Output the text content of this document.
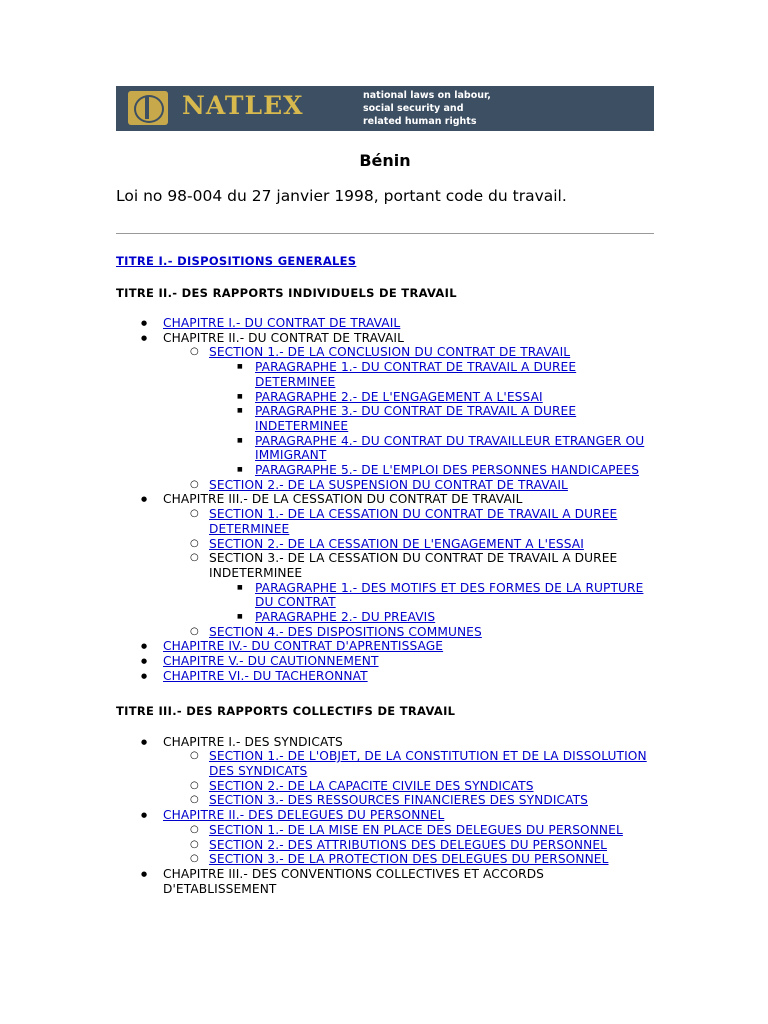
NATLEX	national laws on labour,
social security and
related human rights
Bénin
Loi no 98-004 du 27 janvier 1998, portant code du travail.
TITRE I.- DISPOSITIONS GENERALES
TITRE II.- DES RAPPORTS INDIVIDUELS DE TRAVAIL
● CHAPITRE I.- DU CONTRAT DE TRAVAIL
● CHAPITRE II.- DU CONTRAT DE TRAVAIL
○ SECTION 1.- DE LA CONCLUSION DU CONTRAT DE TRAVAIL
■ PARAGRAPHE 1.- DU CONTRAT DE TRAVAIL A DUREE DETERMINEE
■ PARAGRAPHE 2.- DE L'ENGAGEMENT A L'ESSAI
■ PARAGRAPHE 3.- DU CONTRAT DE TRAVAIL A DUREE INDETERMINEE
■ PARAGRAPHE 4.- DU CONTRAT DU TRAVAILLEUR ETRANGER OU IMMIGRANT
■ PARAGRAPHE 5.- DE L'EMPLOI DES PERSONNES HANDICAPEES
○ SECTION 2.- DE LA SUSPENSION DU CONTRAT DE TRAVAIL
● CHAPITRE III.- DE LA CESSATION DU CONTRAT DE TRAVAIL
○ SECTION 1.- DE LA CESSATION DU CONTRAT DE TRAVAIL A DUREE DETERMINEE
○ SECTION 2.- DE LA CESSATION DE L'ENGAGEMENT A L'ESSAI
○ SECTION 3.- DE LA CESSATION DU CONTRAT DE TRAVAIL A DUREE INDETERMINEE
■ PARAGRAPHE 1.- DES MOTIFS ET DES FORMES DE LA RUPTURE DU CONTRAT
■ PARAGRAPHE 2.- DU PREAVIS
○ SECTION 4.- DES DISPOSITIONS COMMUNES
● CHAPITRE IV.- DU CONTRAT D'APRENTISSAGE
● CHAPITRE V.- DU CAUTIONNEMENT
● CHAPITRE VI.- DU TACHERONNAT
TITRE III.- DES RAPPORTS COLLECTIFS DE TRAVAIL
● CHAPITRE I.- DES SYNDICATS
○ SECTION 1.- DE L'OBJET, DE LA CONSTITUTION ET DE LA DISSOLUTION DES SYNDICATS
○ SECTION 2.- DE LA CAPACITE CIVILE DES SYNDICATS
○ SECTION 3.- DES RESSOURCES FINANCIERES DES SYNDICATS
● CHAPITRE II.- DES DELEGUES DU PERSONNEL
○ SECTION 1.- DE LA MISE EN PLACE DES DELEGUES DU PERSONNEL
○ SECTION 2.- DES ATTRIBUTIONS DES DELEGUES DU PERSONNEL
○ SECTION 3.- DE LA PROTECTION DES DELEGUES DU PERSONNEL
● CHAPITRE III.- DES CONVENTIONS COLLECTIVES ET ACCORDS D'ETABLISSEMENT
